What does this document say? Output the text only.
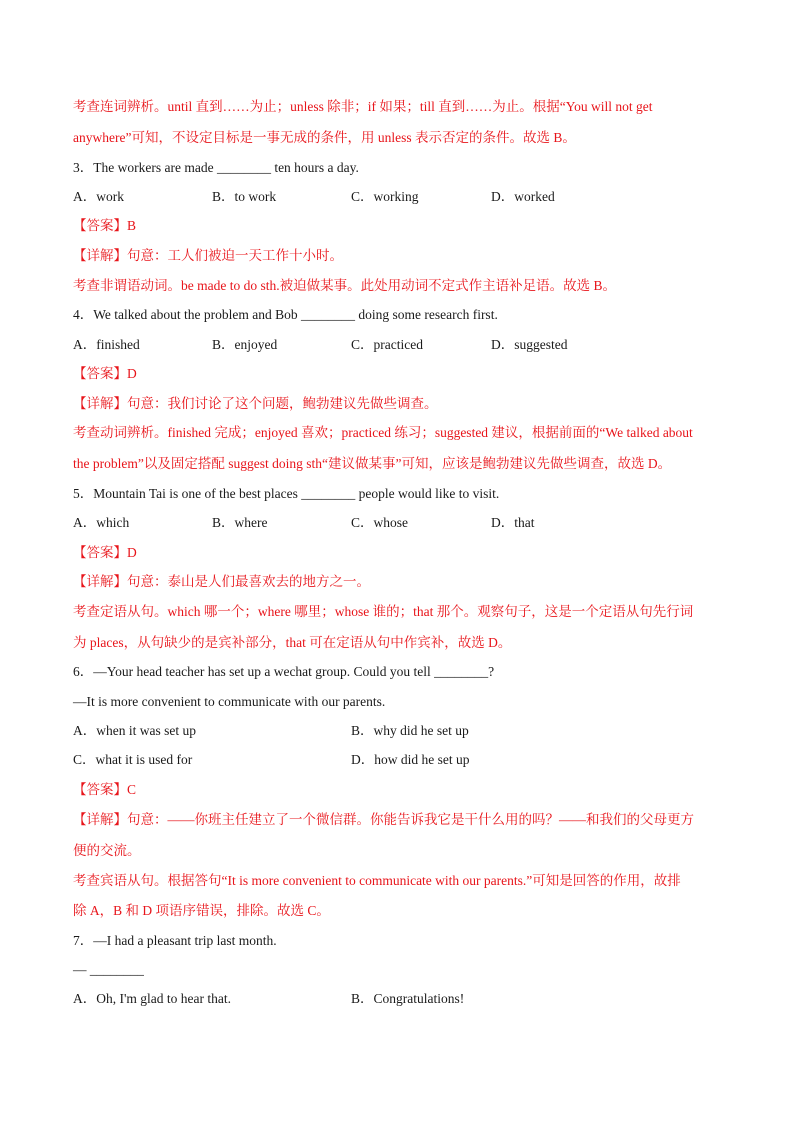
考查连词辨析。until 直到……为止；unless 除非；if 如果；till 直到……为止。根据“You will not get
anywhere”可知，不设定目标是一事无成的条件，用 unless 表示否定的条件。故选 B。
3．The workers are made ________ ten hours a day.
A．work	B．to work	C．working	D．worked
【答案】B
【详解】句意：工人们被迫一天工作十小时。
考查非谓语动词。be made to do sth.被迫做某事。此处用动词不定式作主语补足语。故选 B。
4．We talked about the problem and Bob ________ doing some research first.
A．finished	B．enjoyed	C．practiced	D．suggested
【答案】D
【详解】句意：我们讨论了这个问题，鲍勃建议先做些调查。
考查动词辨析。finished 完成；enjoyed 喜欢；practiced 练习；suggested 建议，根据前面的“We talked about
the problem”以及固定搭配 suggest doing sth“建议做某事”可知，应该是鲍勃建议先做些调查，故选 D。
5．Mountain Tai is one of the best places ________ people would like to visit.
A．which	B．where	C．whose	D．that
【答案】D
【详解】句意：泰山是人们最喜欢去的地方之一。
考查定语从句。which 哪一个；where 哪里；whose 谁的；that 那个。观察句子，这是一个定语从句先行词
为 places，从句缺少的是宾补部分，that 可在定语从句中作宾补，故选 D。
6．—Your head teacher has set up a wechat group. Could you tell ________?
—It is more convenient to communicate with our parents.
A．when it was set up	B．why did he set up
C．what it is used for	D．how did he set up
【答案】C
【详解】句意：——你班主任建立了一个微信群。你能告诉我它是干什么用的吗？——和我们的父母更方
便的交流。
考查宾语从句。根据答句“It is more convenient to communicate with our parents.”可知是回答的作用，故排
除 A，B 和 D 项语序错误，排除。故选 C。
7．—I had a pleasant trip last month.
— ________
A．Oh, I'm glad to hear that.	B．Congratulations!
